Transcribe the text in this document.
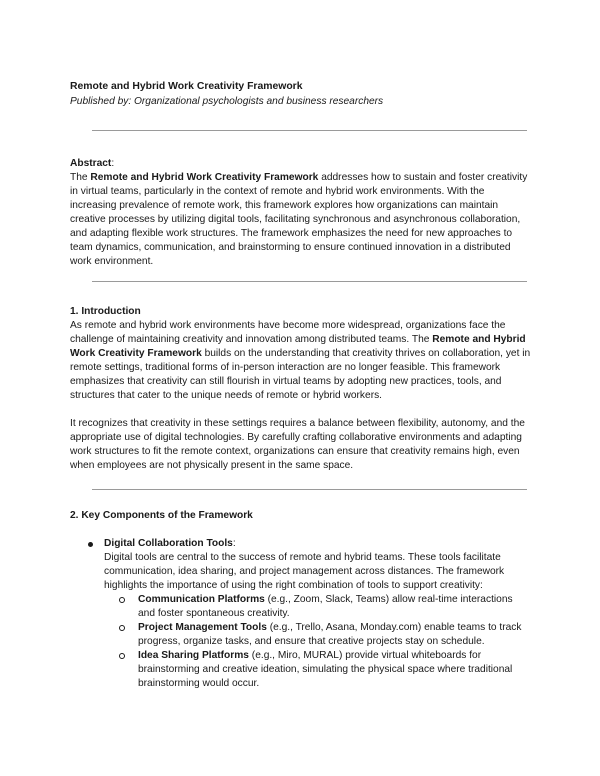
Remote and Hybrid Work Creativity Framework

Published by: Organizational psychologists and business researchers

Abstract:

The Remote and Hybrid Work Creativity Framework addresses how to sustain and foster creativity in virtual teams, particularly in the context of remote and hybrid work environments. With the increasing prevalence of remote work, this framework explores how organizations can maintain creative processes by utilizing digital tools, facilitating synchronous and asynchronous collaboration, and adapting flexible work structures. The framework emphasizes the need for new approaches to team dynamics, communication, and brainstorming to ensure continued innovation in a distributed work environment.

1. Introduction

As remote and hybrid work environments have become more widespread, organizations face the challenge of maintaining creativity and innovation among distributed teams. The Remote and Hybrid Work Creativity Framework builds on the understanding that creativity thrives on collaboration, yet in remote settings, traditional forms of in-person interaction are no longer feasible. This framework emphasizes that creativity can still flourish in virtual teams by adopting new practices, tools, and structures that cater to the unique needs of remote or hybrid workers.

It recognizes that creativity in these settings requires a balance between flexibility, autonomy, and the appropriate use of digital technologies. By carefully crafting collaborative environments and adapting work structures to fit the remote context, organizations can ensure that creativity remains high, even when employees are not physically present in the same space.

2. Key Components of the Framework

Digital Collaboration Tools:

Digital tools are central to the success of remote and hybrid teams. These tools facilitate communication, idea sharing, and project management across distances. The framework highlights the importance of using the right combination of tools to support creativity:

Communication Platforms (e.g., Zoom, Slack, Teams) allow real-time interactions and foster spontaneous creativity.
Project Management Tools (e.g., Trello, Asana, Monday.com) enable teams to track progress, organize tasks, and ensure that creative projects stay on schedule.
Idea Sharing Platforms (e.g., Miro, MURAL) provide virtual whiteboards for brainstorming and creative ideation, simulating the physical space where traditional brainstorming would occur.
